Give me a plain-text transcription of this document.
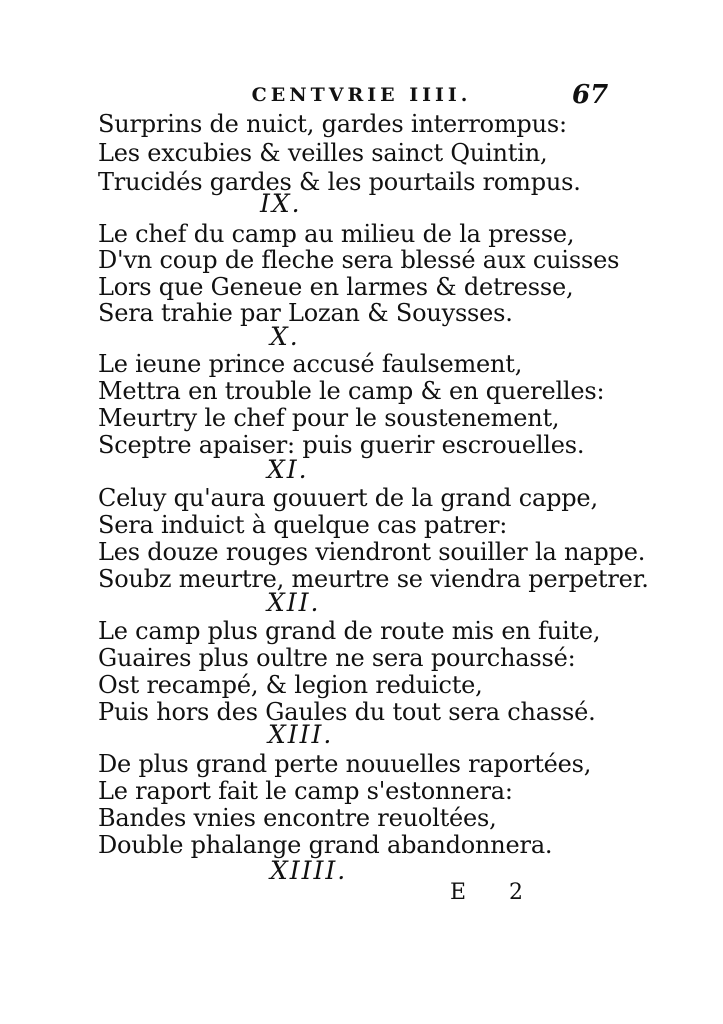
CENTVRIE IIII.	67
Surprins de nuict, gardes interrompus:
Les excubies & veilles sainct Quintin,
Trucidés gardes & les pourtails rompus.
IX.
Le chef du camp au milieu de la presse,
D'vn coup de fleche sera blessé aux cuisses
Lors que Geneue en larmes & detresse,
Sera trahie par Lozan & Souysses.
X.
Le ieune prince accusé faulsement,
Mettra en trouble le camp & en querelles:
Meurtry le chef pour le soustenement,
Sceptre apaiser: puis guerir escrouelles.
XI.
Celuy qu'aura gouuert de la grand cappe,
Sera induict à quelque cas patrer:
Les douze rouges viendront souiller la nappe.
Soubz meurtre, meurtre se viendra perpetrer.
XII.
Le camp plus grand de route mis en fuite,
Guaires plus oultre ne sera pourchassé:
Ost recampé, & legion reduicte,
Puis hors des Gaules du tout sera chassé.
XIII.
De plus grand perte nouuelles raportées,
Le raport fait le camp s'estonnera:
Bandes vnies encontre reuoltées,
Double phalange grand abandonnera.
XIIII.
E 2
